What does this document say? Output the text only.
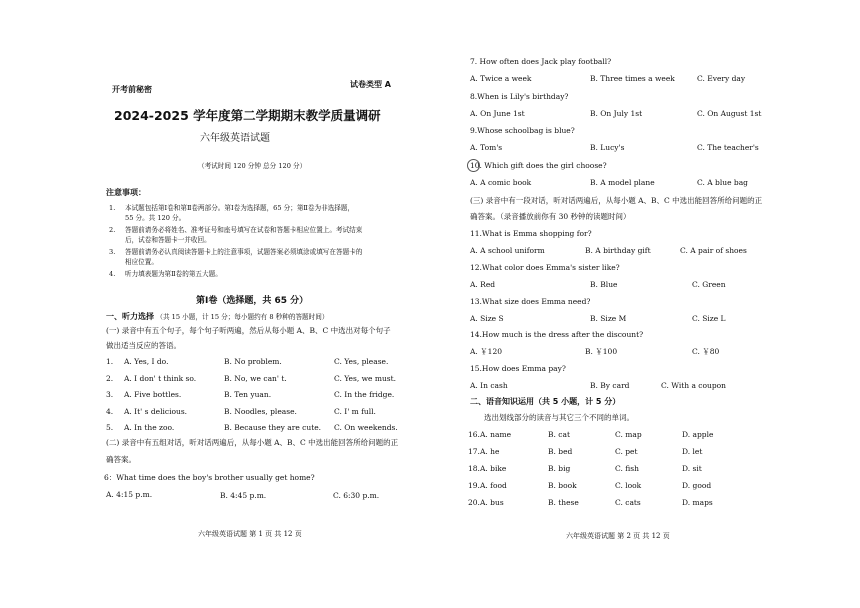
开考前秘密
试卷类型 A
2024-2025 学年度第二学期期末教学质量调研
六年级英语试题
（考试时间 120 分钟 总分 120 分）
注意事项：
1. 本试题包括第Ⅰ卷和第Ⅱ卷两部分。第Ⅰ卷为选择题，65 分；第Ⅱ卷为非选择题，
55 分。共 120 分。
2. 答题前请务必将姓名、准考证号和座号填写在试卷和答题卡相应位置上。考试结束
后，试卷和答题卡一并收回。
3. 答题前请务必认真阅读答题卡上的注意事项，试题答案必须填涂或填写在答题卡的
相应位置。
4. 听力填表题为第Ⅱ卷的第五大题。
第Ⅰ卷（选择题，共 65 分）
一、听力选择 （共 15 小题，计 15 分；每小题约有 8 秒种的答题时间）
(一) 录音中有五个句子，每个句子听两遍，然后从每小题 A、B、C 中选出对每个句子
做出适当反应的答语。
1. A. Yes, I do.	B. No problem.	C. Yes, please.
2. A. I don' t think so.	B. No, we can' t.	C. Yes, we must.
3. A. Five bottles.	B. Ten yuan.	C. In the fridge.
4. A. It' s delicious.	B. Noodles, please.	C. I' m full.
5. A. In the zoo.	B. Because they are cute. C. On weekends.
(二) 录音中有五组对话，听对话两遍后，从每小题 A、B、C 中选出能回答所给问题的正
确答案。
6：What time does the boy's brother usually get home?
A. 4:15 p.m.	B. 4:45 p.m.	C. 6:30 p.m.
六年级英语试题 第 1 页 共 12 页
7. How often does Jack play football?
A. Twice a week	B. Three times a week	C. Every day
8.When is Lily's birthday?
A. On June 1st	B. On July 1st	C. On August 1st
9.Whose schoolbag is blue?
A. Tom's	B. Lucy's	C. The teacher's
10. Which gift does the girl choose?
A. A comic book	B. A model plane	C. A blue bag
(三) 录音中有一段对话，听对话两遍后，从每小题 A、B、C 中选出能回答所给问题的正
确答案。（录音播放前你有 30 秒钟的读题时间）
11.What is Emma shopping for?
A. A school uniform	B. A birthday gift	C. A pair of shoes
12.What color does Emma's sister like?
A. Red	B. Blue	C. Green
13.What size does Emma need?
A. Size S	B. Size M	C. Size L
14.How much is the dress after the discount?
A. ￥120	B. ￥100	C. ￥80
15.How does Emma pay?
A. In cash	B. By card	C. With a coupon
二、语音知识运用（共 5 小题，计 5 分）
选出划线部分的读音与其它三个不同的单词。
16. A. name	B. cat	C. map	D. apple
17. A. he	B. bed	C. pet	D. let
18. A. bike	B. big	C. fish	D. sit
19. A. food	B. book	C. look	D. good
20. A. bus	B. these	C. cats	D. maps
六年级英语试题 第 2 页 共 12 页
